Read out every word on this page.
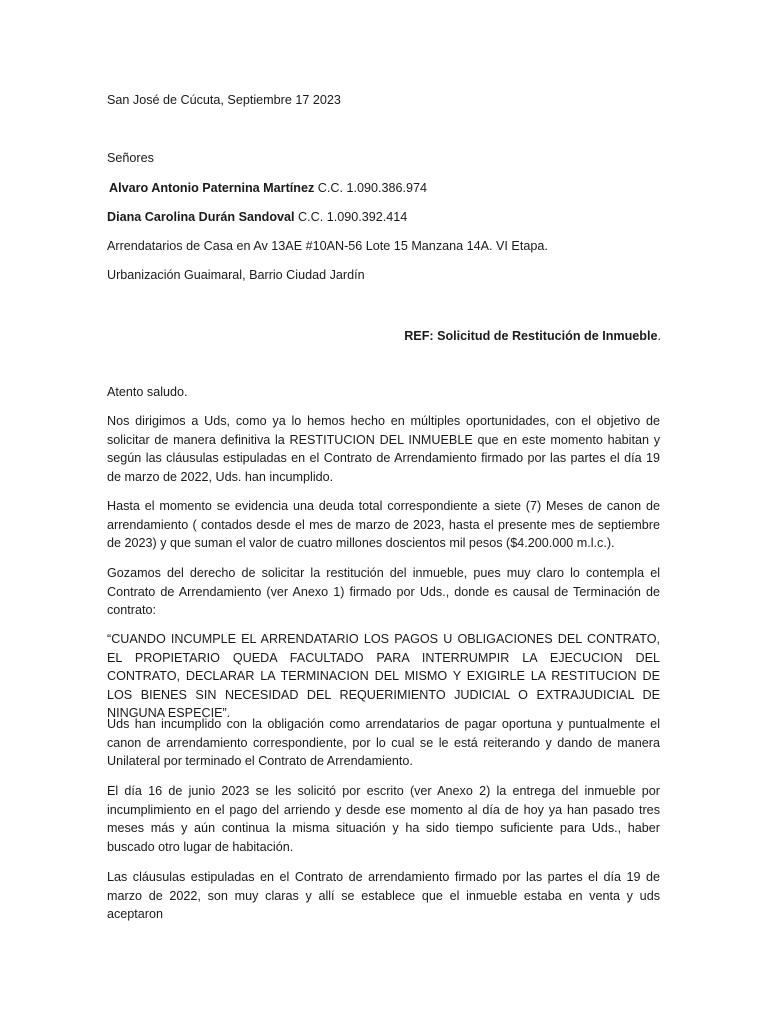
San José de Cúcuta, Septiembre 17 2023

Señores

Alvaro Antonio Paternina Martínez C.C. 1.090.386.974

Diana Carolina Durán Sandoval C.C. 1.090.392.414

Arrendatarios de Casa en Av 13AE #10AN-56 Lote 15 Manzana 14A. VI Etapa.

Urbanización Guaimaral, Barrio Ciudad Jardín

REF: Solicitud de Restitución de Inmueble.

Atento saludo.

Nos dirigimos a Uds, como ya lo hemos hecho en múltiples oportunidades, con el objetivo de solicitar de manera definitiva la RESTITUCION DEL INMUEBLE que en este momento habitan y según las cláusulas estipuladas en el Contrato de Arrendamiento firmado por las partes el día 19 de marzo de 2022, Uds. han incumplido.

Hasta el momento se evidencia una deuda total correspondiente a siete (7) Meses de canon de arrendamiento ( contados desde el mes de marzo de 2023, hasta el presente mes de septiembre de 2023) y que suman el valor de cuatro millones doscientos mil pesos ($4.200.000 m.l.c.).

Gozamos del derecho de solicitar la restitución del inmueble, pues muy claro lo contempla el Contrato de Arrendamiento (ver Anexo 1) firmado por Uds., donde es causal de Terminación de contrato:

“CUANDO INCUMPLE EL ARRENDATARIO LOS PAGOS U OBLIGACIONES DEL CONTRATO, EL PROPIETARIO QUEDA FACULTADO PARA INTERRUMPIR LA EJECUCION DEL CONTRATO, DECLARAR LA TERMINACION DEL MISMO Y EXIGIRLE LA RESTITUCION DE LOS BIENES SIN NECESIDAD DEL REQUERIMIENTO JUDICIAL O EXTRAJUDICIAL DE NINGUNA ESPECIE”.

Uds han incumplido con la obligación como arrendatarios de pagar oportuna y puntualmente el canon de arrendamiento correspondiente, por lo cual se le está reiterando y dando de manera Unilateral por terminado el Contrato de Arrendamiento.

El día 16 de junio 2023 se les solicitó por escrito (ver Anexo 2) la entrega del inmueble por incumplimiento en el pago del arriendo y desde ese momento al día de hoy ya han pasado tres meses más y aún continua la misma situación y ha sido tiempo suficiente para Uds., haber buscado otro lugar de habitación.

Las cláusulas estipuladas en el Contrato de arrendamiento firmado por las partes el día 19 de marzo de 2022, son muy claras y allí se establece que el inmueble estaba en venta y uds aceptaron
